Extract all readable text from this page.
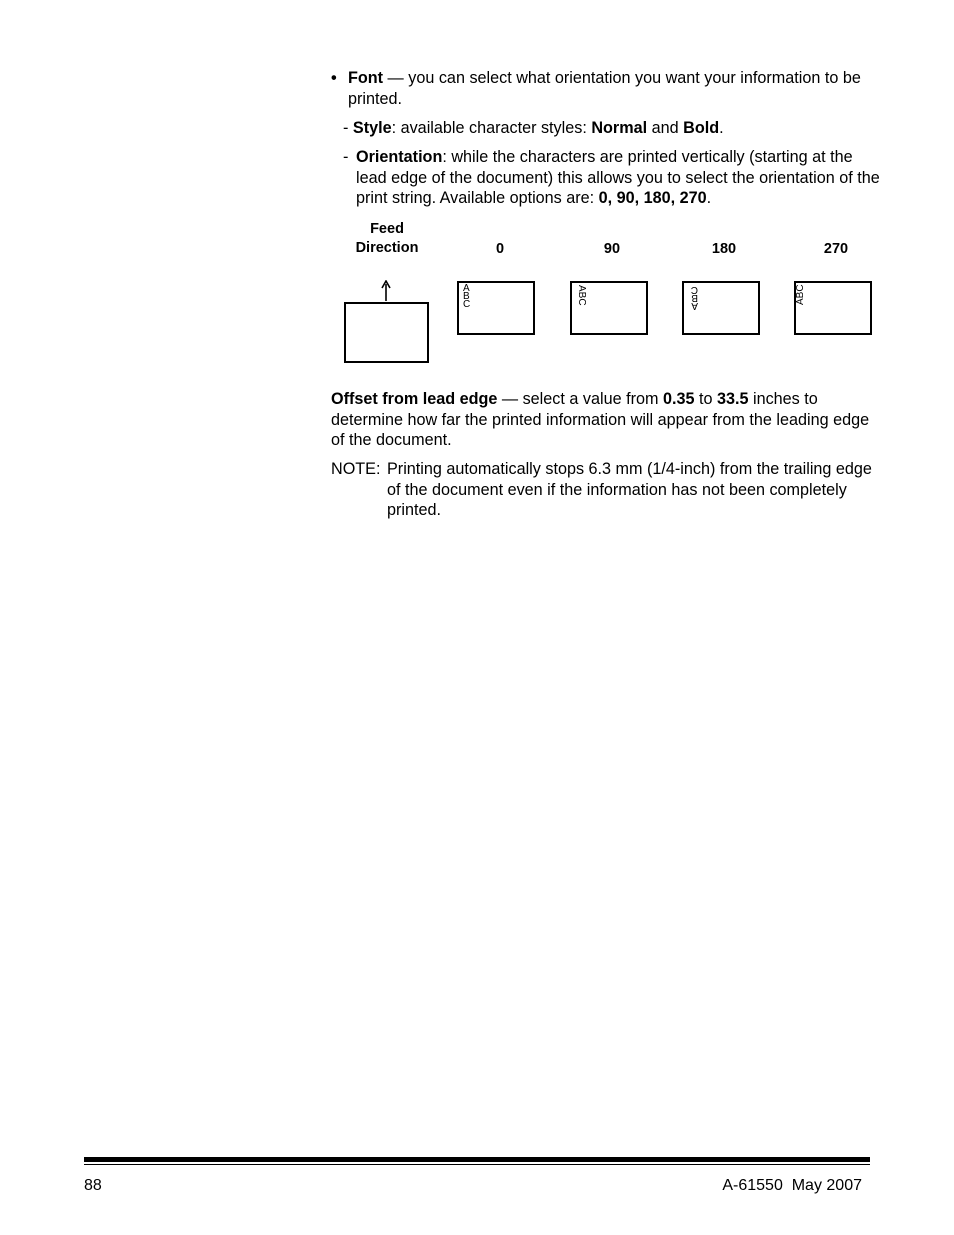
• Font — you can select what orientation you want your information to be printed.
- Style: available character styles: Normal and Bold.
- Orientation: while the characters are printed vertically (starting at the lead edge of the document) this allows you to select the orientation of the print string. Available options are: 0, 90, 180, 270.
Feed
Direction	0	90	180	270
A
B
C	ABC	A
B
C	ABC
Offset from lead edge — select a value from 0.35 to 33.5 inches to determine how far the printed information will appear from the leading edge of the document.
NOTE: Printing automatically stops 6.3 mm (1/4-inch) from the trailing edge of the document even if the information has not been completely printed.
88	A-61550  May 2007
